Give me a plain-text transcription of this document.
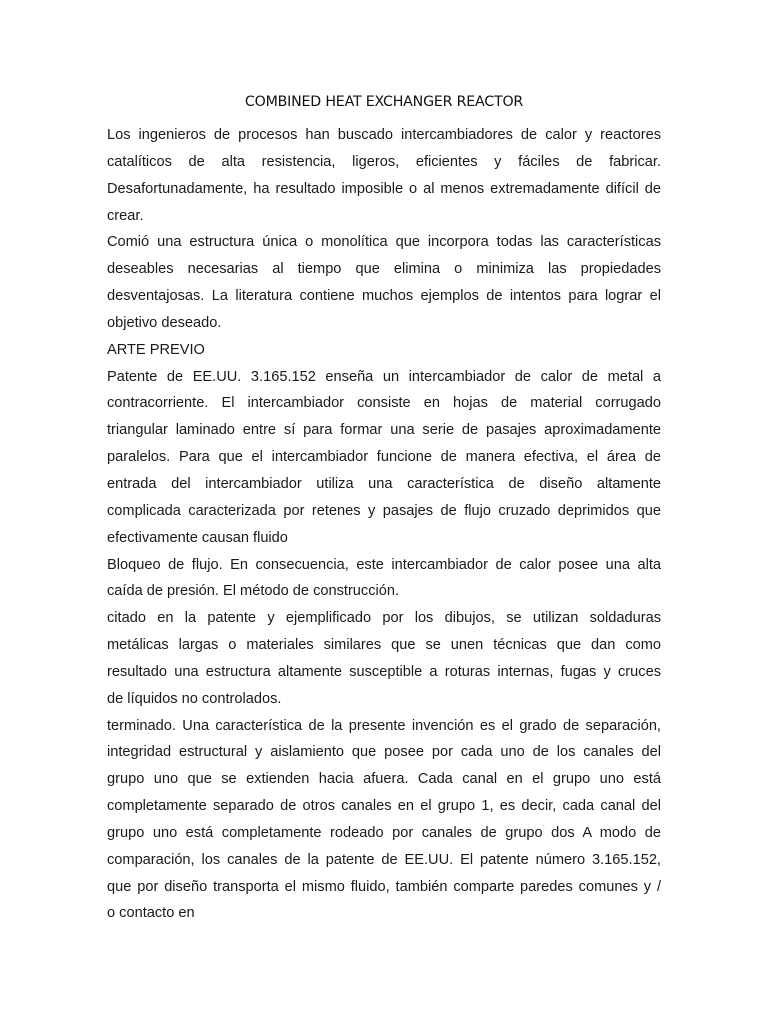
COMBINED HEAT EXCHANGER REACTOR
Los ingenieros de procesos han buscado intercambiadores de calor y reactores
catalíticos de alta resistencia, ligeros, eficientes y fáciles de fabricar.
Desafortunadamente, ha resultado imposible o al menos extremadamente difícil de
crear.
Comió una estructura única o monolítica que incorpora todas las características
deseables necesarias al tiempo que elimina o minimiza las propiedades
desventajosas. La literatura contiene muchos ejemplos de intentos para lograr el
objetivo deseado.
ARTE PREVIO
Patente de EE.UU. 3.165.152 enseña un intercambiador de calor de metal a
contracorriente. El intercambiador consiste en hojas de material corrugado
triangular laminado entre sí para formar una serie de pasajes aproximadamente
paralelos. Para que el intercambiador funcione de manera efectiva, el área de
entrada del intercambiador utiliza una característica de diseño altamente
complicada caracterizada por retenes y pasajes de flujo cruzado deprimidos que
efectivamente causan fluido
Bloqueo de flujo. En consecuencia, este intercambiador de calor posee una alta
caída de presión. El método de construcción.
citado en la patente y ejemplificado por los dibujos, se utilizan soldaduras
metálicas largas o materiales similares que se unen técnicas que dan como
resultado una estructura altamente susceptible a roturas internas, fugas y cruces
de líquidos no controlados.
terminado. Una característica de la presente invención es el grado de separación,
integridad estructural y aislamiento que posee por cada uno de los canales del
grupo uno que se extienden hacia afuera. Cada canal en el grupo uno está
completamente separado de otros canales en el grupo 1, es decir, cada canal del
grupo uno está completamente rodeado por canales de grupo dos A modo de
comparación, los canales de la patente de EE.UU. El patente número 3.165.152,
que por diseño transporta el mismo fluido, también comparte paredes comunes y /
o contacto en
